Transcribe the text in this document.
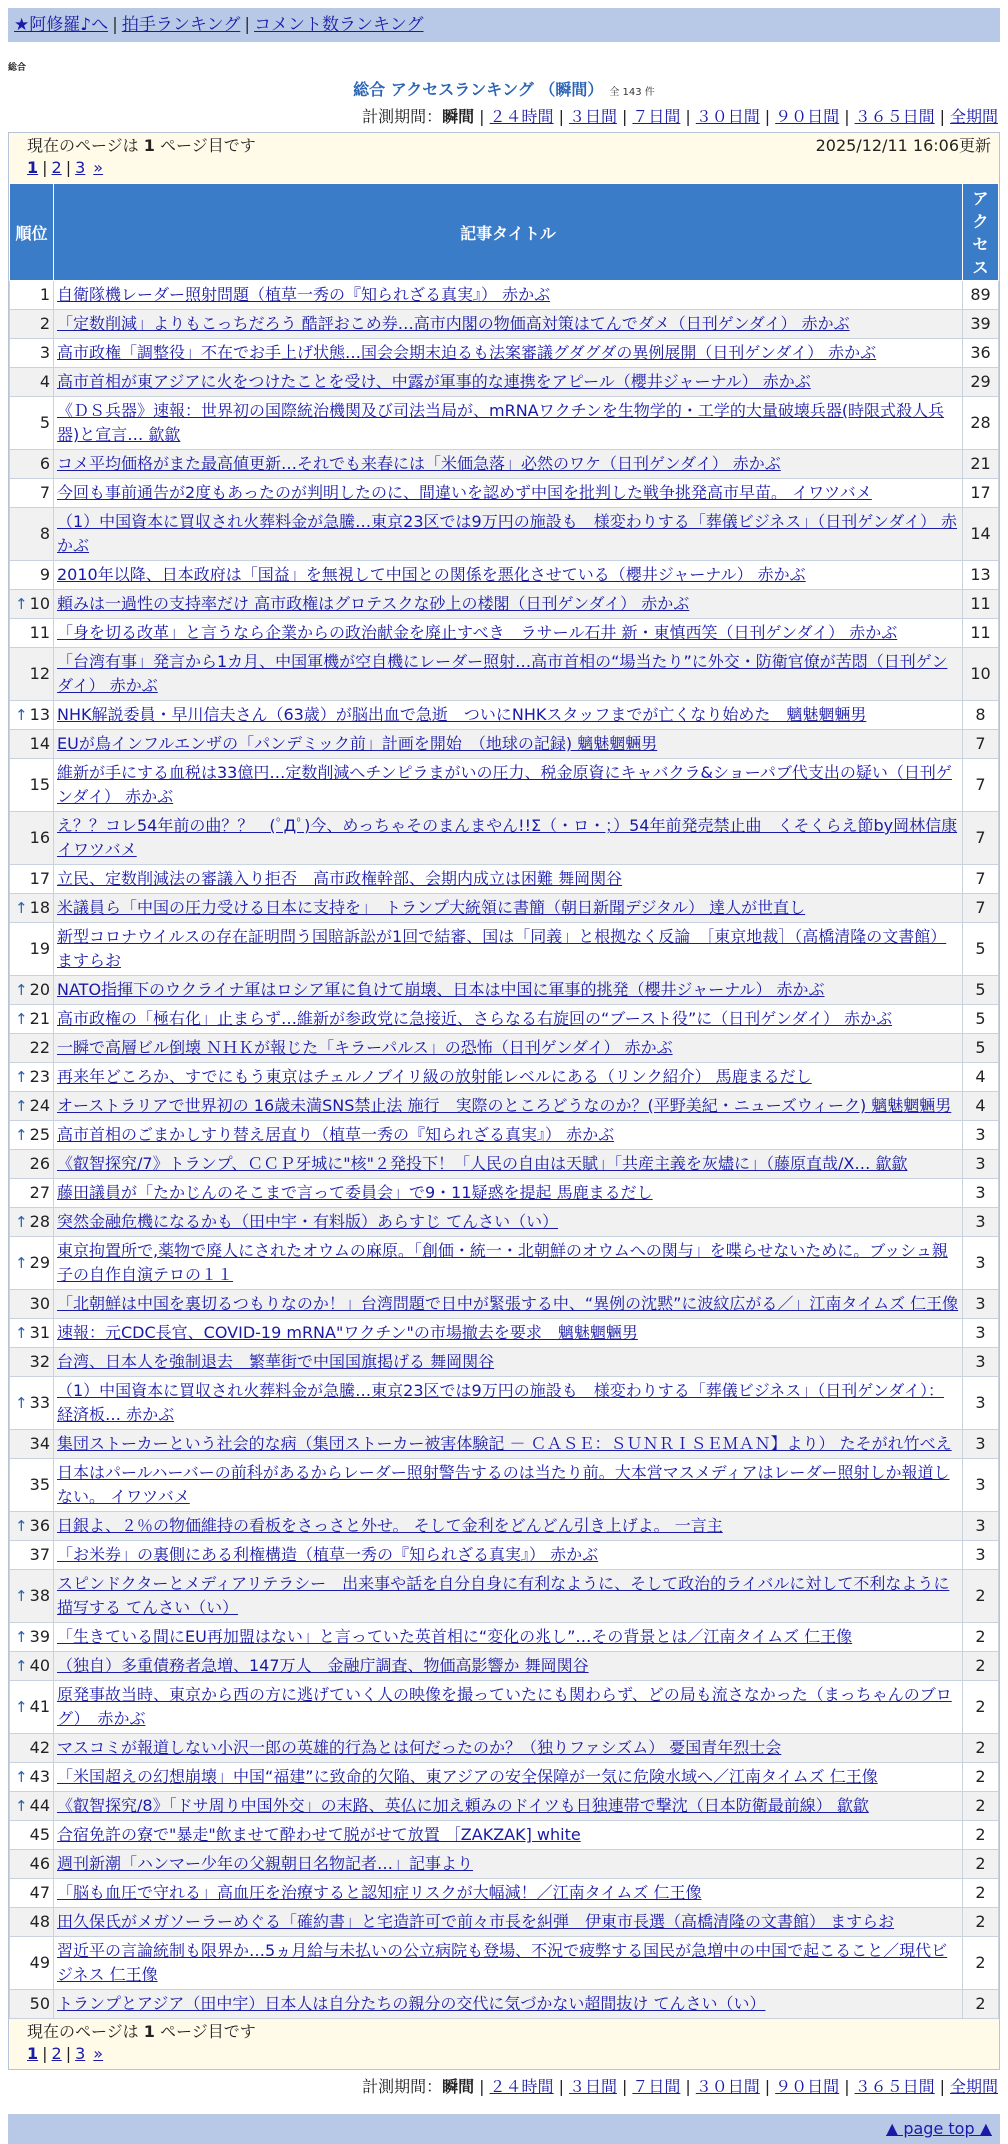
★阿修羅♪へ | 拍手ランキング | コメント数ランキング
総合
総合 アクセスランキング （瞬間） 全 143 件
計測期間：瞬間 | ２４時間 | ３日間 | ７日間 | ３０日間 | ９０日間 | ３６５日間 | 全期間
2025/12/11 16:06更新
現在のページは 1 ページ目です
1 | 2 | 3 »
順位	記事タイトル	アクセス
1	自衛隊機レーダー照射問題（植草一秀の『知られざる真実』） 赤かぶ	89
2	「定数削減」よりもこっちだろう 酷評おこめ券…高市内閣の物価高対策はてんでダメ（日刊ゲンダイ） 赤かぶ	39
3	高市政権「調整役」不在でお手上げ状態…国会会期末迫るも法案審議グダグダの異例展開（日刊ゲンダイ） 赤かぶ	36
4	高市首相が東アジアに火をつけたことを受け、中露が軍事的な連携をアピール（櫻井ジャーナル） 赤かぶ	29
5	《ＤＳ兵器》速報：世界初の国際統治機関及び司法当局が、mRNAワクチンを生物学的・工学的大量破壊兵器(時限式殺人兵器)と宣言… 歙歙	28
6	コメ平均価格がまた最高値更新…それでも来春には「米価急落」必然のワケ（日刊ゲンダイ） 赤かぶ	21
7	今回も事前通告が2度もあったのが判明したのに、間違いを認めず中国を批判した戦争挑発高市早苗。 イワツバメ	17
8	（1）中国資本に買収され火葬料金が急騰…東京23区では9万円の施設も　様変わりする「葬儀ビジネス」（日刊ゲンダイ） 赤かぶ	14
9	2010年以降、日本政府は「国益」を無視して中国との関係を悪化させている（櫻井ジャーナル） 赤かぶ	13

↑ 10	頼みは一過性の支持率だけ 高市政権はグロテスクな砂上の楼閣（日刊ゲンダイ） 赤かぶ	11
11	「身を切る改革」と言うなら企業からの政治献金を廃止すべき　ラサール石井 新・東慎西笑（日刊ゲンダイ） 赤かぶ	11
12	「台湾有事」発言から1カ月、中国軍機が空自機にレーダー照射…高市首相の“場当たり”に外交・防衛官僚が苦悶（日刊ゲンダイ） 赤かぶ	10

↑ 13	NHK解説委員・早川信夫さん（63歳）が脳出血で急逝　ついにNHKスタッフまでが亡くなり始めた　魑魅魍魎男	8
14	EUが鳥インフルエンザの「パンデミック前」計画を開始　（地球の記録) 魑魅魍魎男	7
15	維新が手にする血税は33億円…定数削減へチンピラまがいの圧力、税金原資にキャバクラ&ショーパブ代支出の疑い（日刊ゲンダイ） 赤かぶ	7
16	え？？コレ54年前の曲？？　(ﾟДﾟ)今、めっちゃそのまんまやん!!Σ（・ロ・；）54年前発売禁止曲　くそくらえ節by岡林信康 イワツバメ	7
17	立民、定数削減法の審議入り拒否　高市政権幹部、会期内成立は困難 舞岡関谷	7

↑ 18	米議員ら「中国の圧力受ける日本に支持を」　トランプ大統領に書簡（朝日新聞デジタル） 達人が世直し	7
19	新型コロナウイルスの存在証明問う国賠訴訟が1回で結審、国は「同義」と根拠なく反論　［東京地裁］（高橋清隆の文書館） ますらお	5

↑ 20	NATO指揮下のウクライナ軍はロシア軍に負けて崩壊、日本は中国に軍事的挑発（櫻井ジャーナル） 赤かぶ	5

↑ 21	高市政権の「極右化」止まらず…維新が参政党に急接近、さらなる右旋回の“ブースト役”に（日刊ゲンダイ） 赤かぶ	5
22	一瞬で高層ビル倒壊 ＮＨＫが報じた「キラーパルス」の恐怖（日刊ゲンダイ） 赤かぶ	5

↑ 23	再来年どころか、すでにもう東京はチェルノブイリ級の放射能レベルにある（リンク紹介） 馬鹿まるだし	4

↑ 24	オーストラリアで世界初の 16歳未満SNS禁止法 施行　実際のところどうなのか？(平野美紀・ニューズウィーク) 魑魅魍魎男	4

↑ 25	高市首相のごまかしすり替え居直り（植草一秀の『知られざる真実』） 赤かぶ	3
26	《叡智探究/7》トランプ、ＣＣＰ牙城に"核"２発投下！「人民の自由は天賦」「共産主義を灰燼に」（藤原直哉/X… 歙歙	3
27	藤田議員が「たかじんのそこまで言って委員会」で9・11疑惑を提起 馬鹿まるだし	3

↑ 28	突然金融危機になるかも（田中宇・有料版）あらすじ てんさい（い）	3

↑ 29	東京拘置所で,薬物で廃人にされたオウムの麻原。「創価・統一・北朝鮮のオウムへの関与」を喋らせないために。ブッシュ親子の自作自演テロの１１	3
30	「北朝鮮は中国を裏切るつもりなのか！」台湾問題で日中が緊張する中、“異例の沈黙”に波紋広がる／」江南タイムズ 仁王像	3

↑ 31	速報：元CDC長官、COVID-19 mRNA"ワクチン"の市場撤去を要求　魑魅魍魎男	3
32	台湾、日本人を強制退去　繁華街で中国国旗掲げる 舞岡関谷	3

↑ 33	（1）中国資本に買収され火葬料金が急騰…東京23区では9万円の施設も　様変わりする「葬儀ビジネス」（日刊ゲンダイ）：経済板… 赤かぶ	3
34	集団ストーカーという社会的な病（集団ストーカー被害体験記 － ＣＡＳＥ：ＳＵＮＲＩＳＥＭＡＮ】より） たそがれ竹べえ	3
35	日本はパールハーバーの前科があるからレーダー照射警告するのは当たり前。大本営マスメディアはレーダー照射しか報道しない。 イワツバメ	3

↑ 36	日銀よ、２％の物価維持の看板をさっさと外せ。 そして金利をどんどん引き上げよ。 一言主	3
37	「お米券」の裏側にある利権構造（植草一秀の『知られざる真実』） 赤かぶ	3

↑ 38	スピンドクターとメディアリテラシー　出来事や話を自分自身に有利なように、そして政治的ライバルに対して不利なように描写する てんさい（い）	2

↑ 39	「生きている間にEU再加盟はない」と言っていた英首相に“変化の兆し”…その背景とは／江南タイムズ 仁王像	2

↑ 40	（独自）多重債務者急増、147万人　金融庁調査、物価高影響か 舞岡関谷	2

↑ 41	原発事故当時、東京から西の方に逃げていく人の映像を撮っていたにも関わらず、どの局も流さなかった（まっちゃんのブログ）　赤かぶ	2
42	マスコミが報道しない小沢一郎の英雄的行為とは何だったのか？（独りファシズム） 憂国青年烈士会	2

↑ 43	「米国超えの幻想崩壊」中国“福建”に致命的欠陥、東アジアの安全保障が一気に危険水域へ／江南タイムズ 仁王像	2

↑ 44	《叡智探究/8》「ドサ周り中国外交」の末路、英仏に加え頼みのドイツも日独連帯で撃沈（日本防衛最前線） 歙歙	2
45	合宿免許の寮で"暴走"飲ませて酔わせて脱がせて放置 ［ZAKZAK] white	2
46	週刊新潮「ハンマー少年の父親朝日名物記者…」記事より	2
47	「脳も血圧で守れる」高血圧を治療すると認知症リスクが大幅減！／江南タイムズ 仁王像	2
48	田久保氏がメガソーラーめぐる「確約書」と宅造許可で前々市長を糾弾　伊東市長選（高橋清隆の文書館） ますらお	2
49	習近平の言論統制も限界か…5ヵ月給与未払いの公立病院も登場、不況で疲弊する国民が急増中の中国で起こること／現代ビジネス 仁王像	2
50	トランプとアジア（田中宇）日本人は自分たちの親分の交代に気づかない超間抜け てんさい（い）	2
現在のページは 1 ページ目です
1 | 2 | 3 »
計測期間：瞬間 | ２４時間 | ３日間 | ７日間 | ３０日間 | ９０日間 | ３６５日間 | 全期間
▲ page top ▲
